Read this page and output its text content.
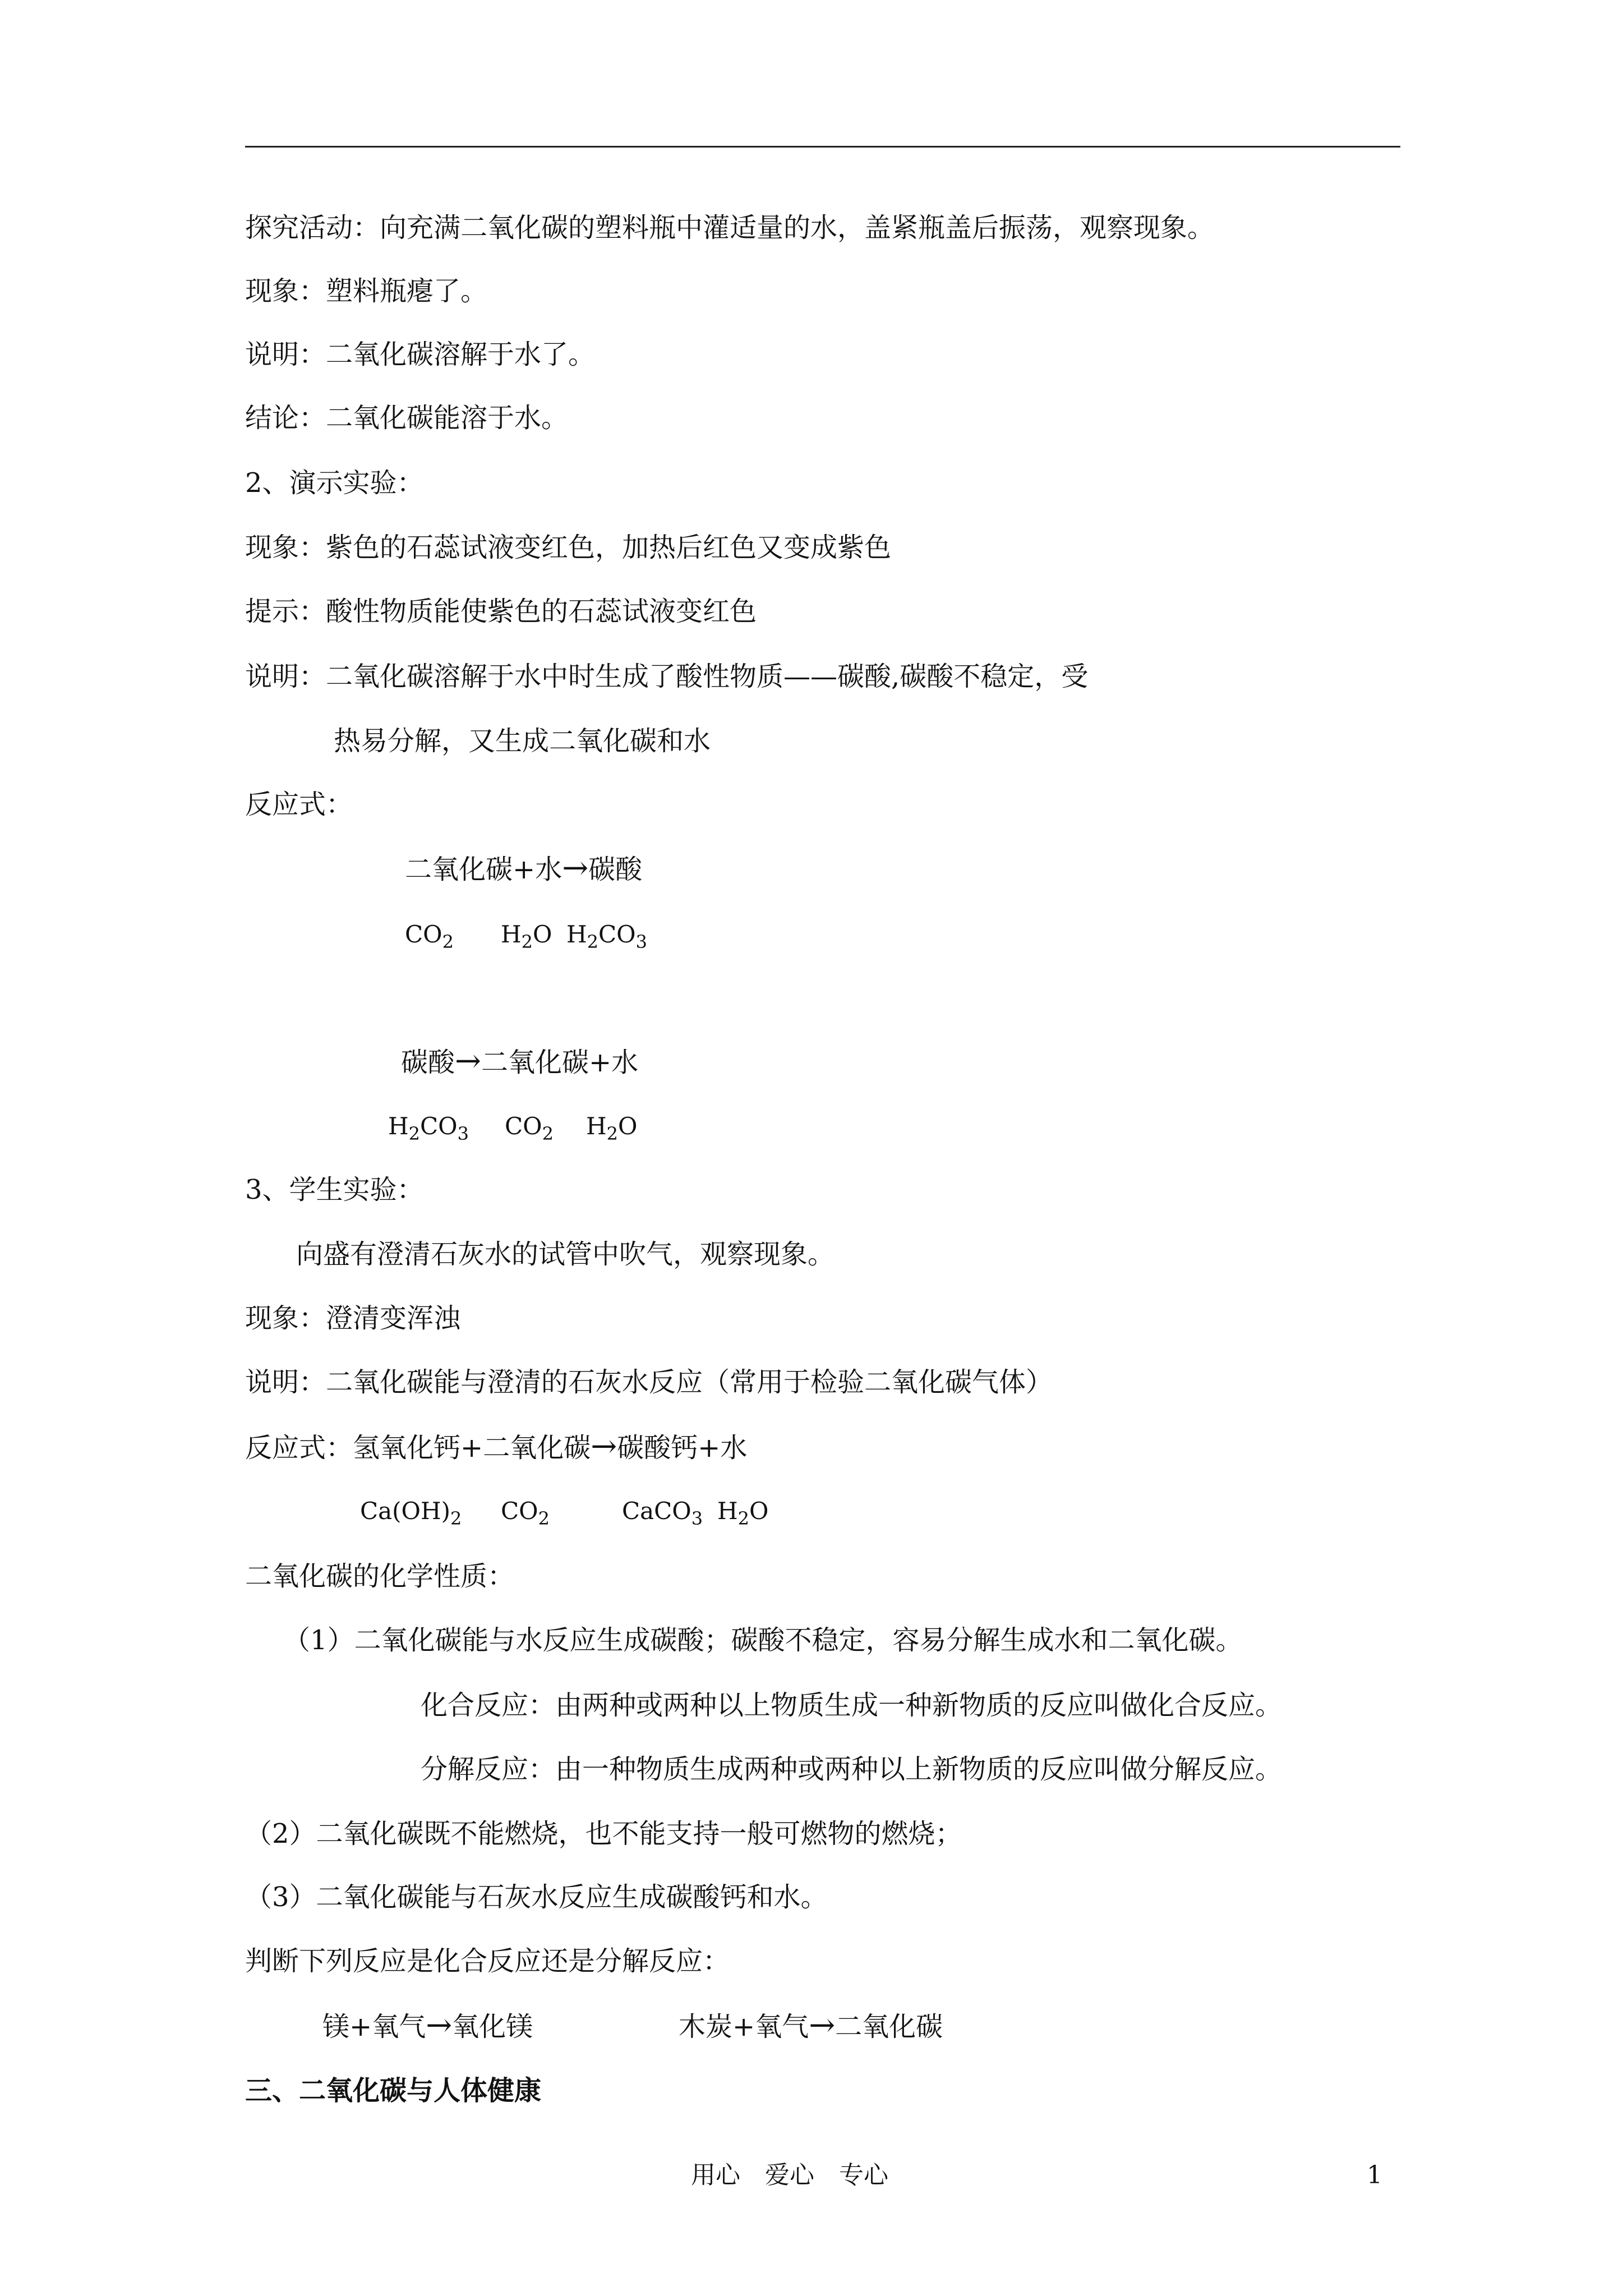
探究活动：向充满二氧化碳的塑料瓶中灌适量的水，盖紧瓶盖后振荡，观察现象。
现象：塑料瓶瘪了。
说明：二氧化碳溶解于水了。
结论：二氧化碳能溶于水。
2、演示实验：
现象：紫色的石蕊试液变红色，加热后红色又变成紫色
提示：酸性物质能使紫色的石蕊试液变红色
说明：二氧化碳溶解于水中时生成了酸性物质——碳酸,碳酸不稳定，受
热易分解，又生成二氧化碳和水
反应式：
二氧化碳+水→碳酸
$CO_2$ $H_2O$ $H_2CO_3$
碳酸→二氧化碳+水
$H_2CO_3$ $CO_2$ $H_2O$
3、学生实验：
向盛有澄清石灰水的试管中吹气，观察现象。
现象：澄清变浑浊
说明：二氧化碳能与澄清的石灰水反应（常用于检验二氧化碳气体）
反应式：氢氧化钙+二氧化碳→碳酸钙+水
$Ca(OH)_2$ $CO_2$	CaCO$_3$ $H_2O$
二氧化碳的化学性质：
（1）二氧化碳能与水反应生成碳酸；碳酸不稳定，容易分解生成水和二氧化碳。
化合反应：由两种或两种以上物质生成一种新物质的反应叫做化合反应。
分解反应：由一种物质生成两种或两种以上新物质的反应叫做分解反应。
（2）二氧化碳既不能燃烧，也不能支持一般可燃物的燃烧；
（3）二氧化碳能与石灰水反应生成碳酸钙和水。
判断下列反应是化合反应还是分解反应：
镁+氧气→氧化镁	木炭+氧气→二氧化碳
三、二氧化碳与人体健康
用心　爱心　专心	1
